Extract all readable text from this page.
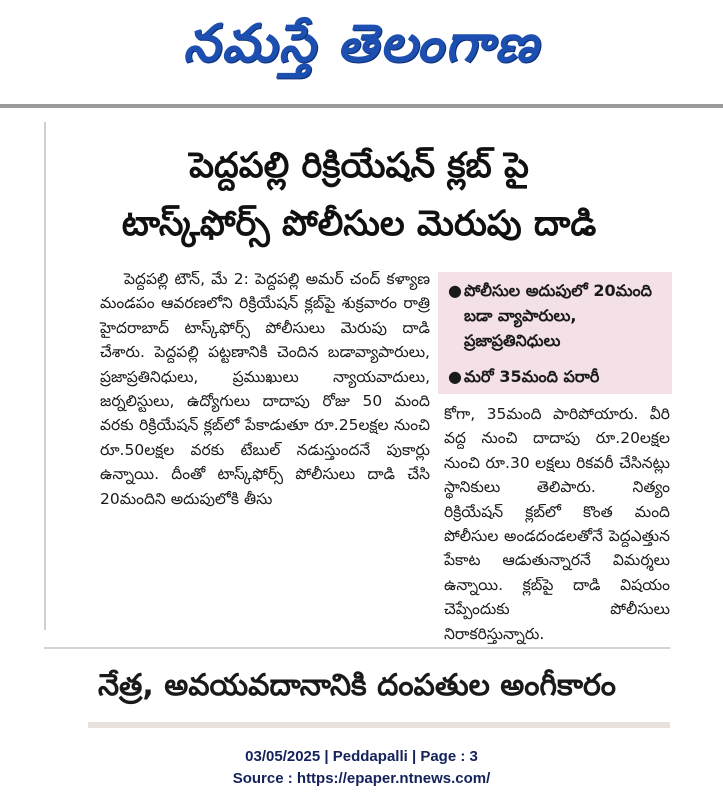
నమస్తే తెలంగాణ
పెద్దపల్లి రిక్రియేషన్ క్లబ్ పై
టాస్క్‌ఫోర్స్ పోలీసుల మెరుపు దాడి

పెద్దపల్లి టౌన్, మే 2: పెద్దపల్లి అమర్ చంద్ కళ్యాణ మండపం ఆవరణలోని రిక్రియేషన్ క్లబ్‌పై శుక్రవారం రాత్రి హైదరాబాద్ టాస్క్‌ఫోర్స్ పోలీసులు మెరుపు దాడి చేశారు. పెద్దపల్లి పట్టణానికి చెందిన బడావ్యాపారులు, ప్రజాప్రతినిధులు, ప్రముఖులు న్యాయవాదులు, జర్నలిస్టులు, ఉద్యోగులు దాదాపు రోజు 50 మంది వరకు రిక్రియేషన్ క్లబ్‌లో పేకాడుతూ రూ.25లక్షల నుంచి రూ.50లక్షల వరకు టేబుల్ నడుస్తుందనే పుకార్లు ఉన్నాయి. దీంతో టాస్క్‌ఫోర్స్ పోలీసులు దాడి చేసి 20మందిని అదుపులోకి తీసు

● పోలీసుల అదుపులో 20మంది బడా వ్యాపారులు, ప్రజాప్రతినిధులు
● మరో 35మంది పరారీ

కోగా, 35మంది పారిపోయారు. వీరి వద్ద నుంచి దాదాపు రూ.20లక్షల నుంచి రూ.30 లక్షలు రికవరీ చేసినట్లు స్థానికులు తెలిపారు. నిత్యం రిక్రియేషన్ క్లబ్‌లో కొంత మంది పోలీసుల అండదండలతోనే పెద్దఎత్తున పేకాట ఆడుతున్నారనే విమర్శలు ఉన్నాయి. క్లబ్‌పై దాడి విషయం చెప్పేందుకు పోలీసులు నిరాకరిస్తున్నారు.

నేత్ర, అవయవదానానికి దంపతుల అంగీకారం
03/05/2025 | Peddapalli | Page : 3
Source : https://epaper.ntnews.com/
